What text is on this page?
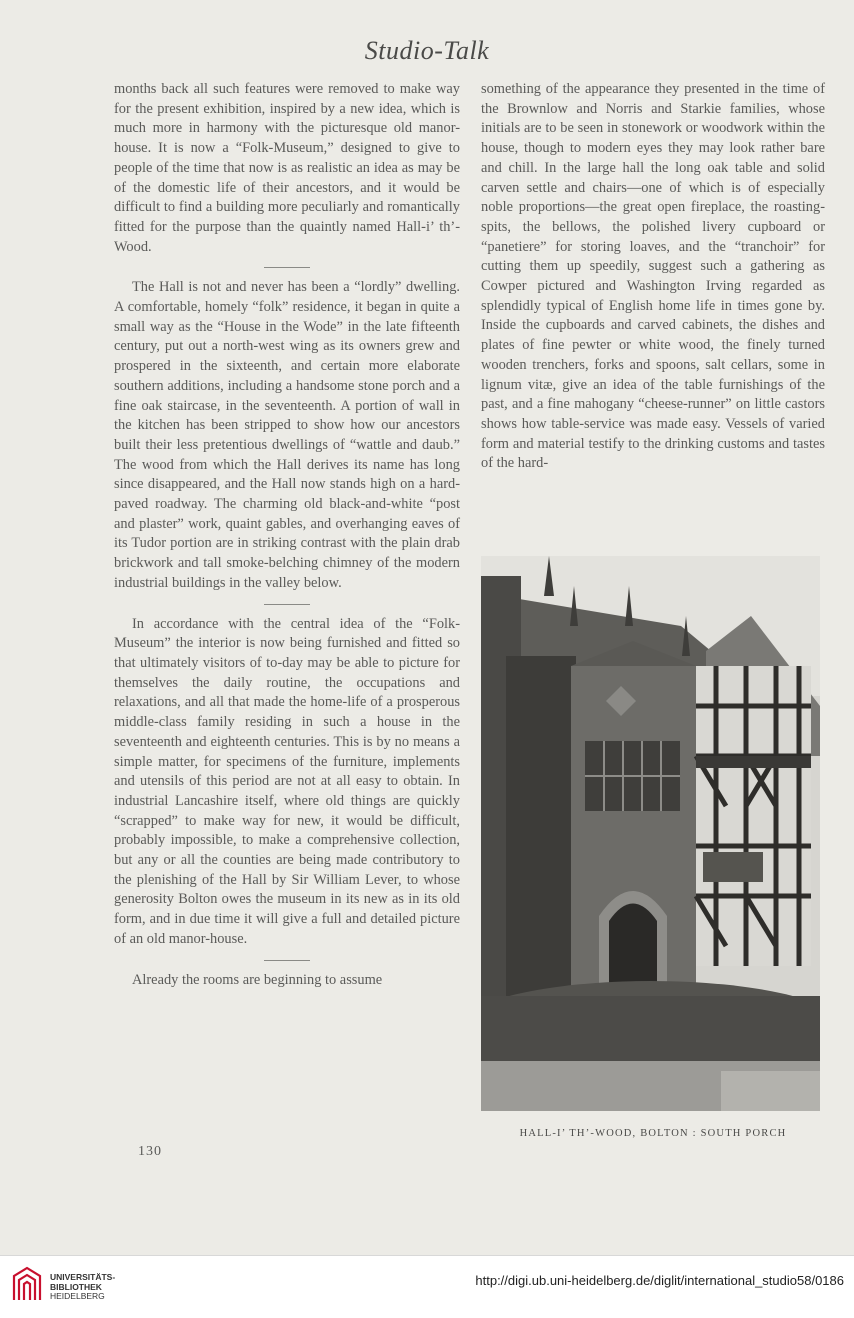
Studio-Talk

months back all such features were removed to make way for the present exhibition, inspired by a new idea, which is much more in harmony with the picturesque old manor-house. It is now a “Folk-Museum,” designed to give to people of the time that now is as realistic an idea as may be of the domestic life of their ancestors, and it would be difficult to find a building more peculiarly and romantically fitted for the purpose than the quaintly named Hall-i’ th’-Wood.

The Hall is not and never has been a “lordly” dwelling. A comfortable, homely “folk” residence, it began in quite a small way as the “House in the Wode” in the late fifteenth century, put out a north-west wing as its owners grew and prospered in the sixteenth, and certain more elaborate southern additions, including a handsome stone porch and a fine oak staircase, in the seventeenth. A portion of wall in the kitchen has been stripped to show how our ancestors built their less pretentious dwellings of “wattle and daub.” The wood from which the Hall derives its name has long since disappeared, and the Hall now stands high on a hard-paved roadway. The charming old black-and-white “post and plaster” work, quaint gables, and overhanging eaves of its Tudor portion are in striking contrast with the plain drab brickwork and tall smoke-belching chimney of the modern industrial buildings in the valley below.

In accordance with the central idea of the “Folk-Museum” the interior is now being furnished and fitted so that ultimately visitors of to-day may be able to picture for themselves the daily routine, the occupations and relaxations, and all that made the home-life of a prosperous middle-class family residing in such a house in the seventeenth and eighteenth centuries. This is by no means a simple matter, for specimens of the furniture, implements and utensils of this period are not at all easy to obtain. In industrial Lancashire itself, where old things are quickly “scrapped” to make way for new, it would be difficult, probably impossible, to make a comprehensive collection, but any or all the counties are being made contributory to the plenishing of the Hall by Sir William Lever, to whose generosity Bolton owes the museum in its new as in its old form, and in due time it will give a full and detailed picture of an old manor-house.

Already the rooms are beginning to assume

something of the appearance they presented in the time of the Brownlow and Norris and Starkie families, whose initials are to be seen in stonework or woodwork within the house, though to modern eyes they may look rather bare and chill. In the large hall the long oak table and solid carven settle and chairs—one of which is of especially noble proportions—the great open fireplace, the roasting-spits, the bellows, the polished livery cupboard or “panetiere” for storing loaves, and the “tranchoir” for cutting them up speedily, suggest such a gathering as Cowper pictured and Washington Irving regarded as splendidly typical of English home life in times gone by. Inside the cupboards and carved cabinets, the dishes and plates of fine pewter or white wood, the finely turned wooden trenchers, forks and spoons, salt cellars, some in lignum vitæ, give an idea of the table furnishings of the past, and a fine mahogany “cheese-runner” on little castors shows how table-service was made easy. Vessels of varied form and material testify to the drinking customs and tastes of the hard-

HALL-I’ TH’-WOOD, BOLTON : SOUTH PORCH
130
UNIVERSITÄTS-
BIBLIOTHEK
HEIDELBERG
http://digi.ub.uni-heidelberg.de/diglit/international_studio58/0186
